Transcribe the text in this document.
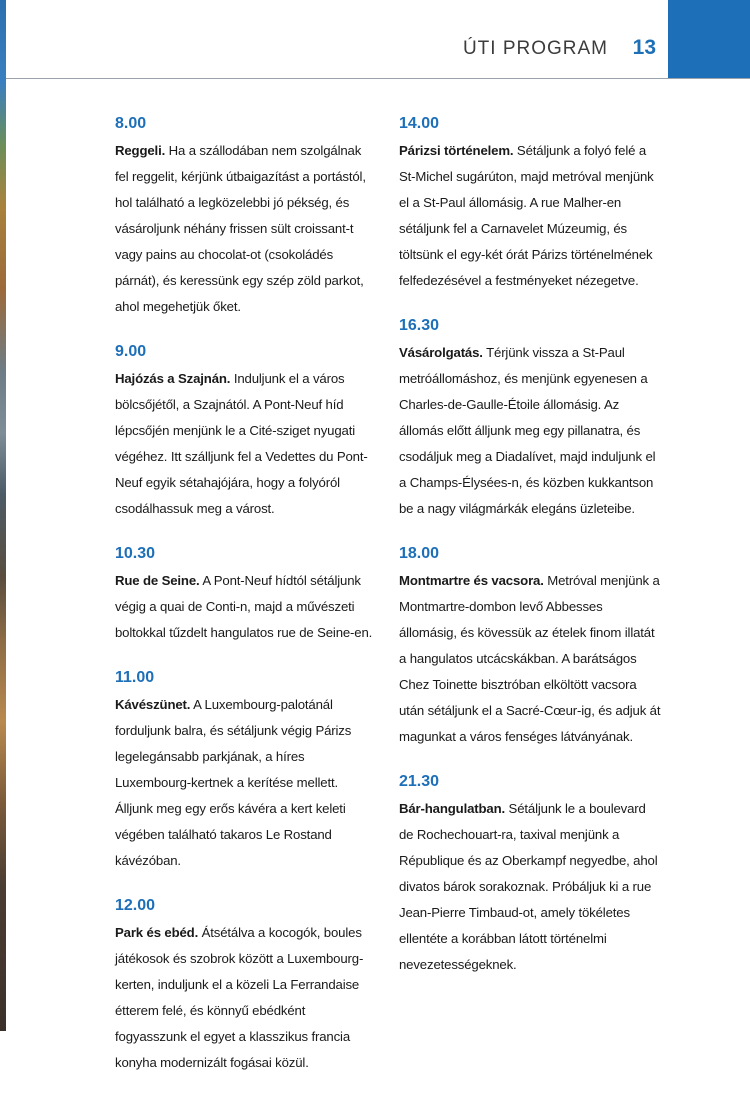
ÚTI PROGRAM 13
8.00
Reggeli. Ha a szállodában nem szolgálnak fel reggelit, kérjünk útbaigazítást a portástól, hol található a legközelebbi jó pékség, és vásároljunk néhány frissen sült croissant-t vagy pains au chocolat-ot (csokoládés párnát), és keressünk egy szép zöld parkot, ahol megehetjük őket.
9.00
Hajózás a Szajnán. Induljunk el a város bölcsőjétől, a Szajnától. A Pont-Neuf híd lépcsőjén menjünk le a Cité-sziget nyugati végéhez. Itt szálljunk fel a Vedettes du Pont-Neuf egyik sétahajójára, hogy a folyóról csodálhassuk meg a várost.
10.30
Rue de Seine. A Pont-Neuf hídtól sétáljunk végig a quai de Conti-n, majd a művészeti boltokkal tűzdelt hangulatos rue de Seine-en.
11.00
Kávészünet. A Luxembourg-palotánál forduljunk balra, és sétáljunk végig Párizs legelegánsabb parkjának, a híres Luxembourg-kertnek a kerítése mellett. Álljunk meg egy erős kávéra a kert keleti végében található takaros Le Rostand kávézóban.
12.00
Park és ebéd. Átsétálva a kocogók, boules játékosok és szobrok között a Luxembourg-kerten, induljunk el a közeli La Ferrandaise étterem felé, és könnyű ebédként fogyasszunk el egyet a klasszikus francia konyha modernizált fogásai közül.
14.00
Párizsi történelem. Sétáljunk a folyó felé a St-Michel sugárúton, majd metróval menjünk el a St-Paul állomásig. A rue Malher-en sétáljunk fel a Carnavelet Múzeumig, és töltsünk el egy-két órát Párizs történelmének felfedezésével a festményeket nézegetve.
16.30
Vásárolgatás. Térjünk vissza a St-Paul metróállomáshoz, és menjünk egyenesen a Charles-de-Gaulle-Étoile állomásig. Az állomás előtt álljunk meg egy pillanatra, és csodáljuk meg a Diadalívet, majd induljunk el a Champs-Élysées-n, és közben kukkantson be a nagy világmárkák elegáns üzleteibe.
18.00
Montmartre és vacsora. Metróval menjünk a Montmartre-dombon levő Abbesses állomásig, és kövessük az ételek finom illatát a hangulatos utcácskákban. A barátságos Chez Toinette bisztróban elköltött vacsora után sétáljunk el a Sacré-Cœur-ig, és adjuk át magunkat a város fenséges látványának.
21.30
Bár-hangulatban. Sétáljunk le a boulevard de Rochechouart-ra, taxival menjünk a République és az Oberkampf negyedbe, ahol divatos bárok sorakoznak. Próbáljuk ki a rue Jean-Pierre Timbaud-ot, amely tökéletes ellentéte a korábban látott történelmi nevezetességeknek.
